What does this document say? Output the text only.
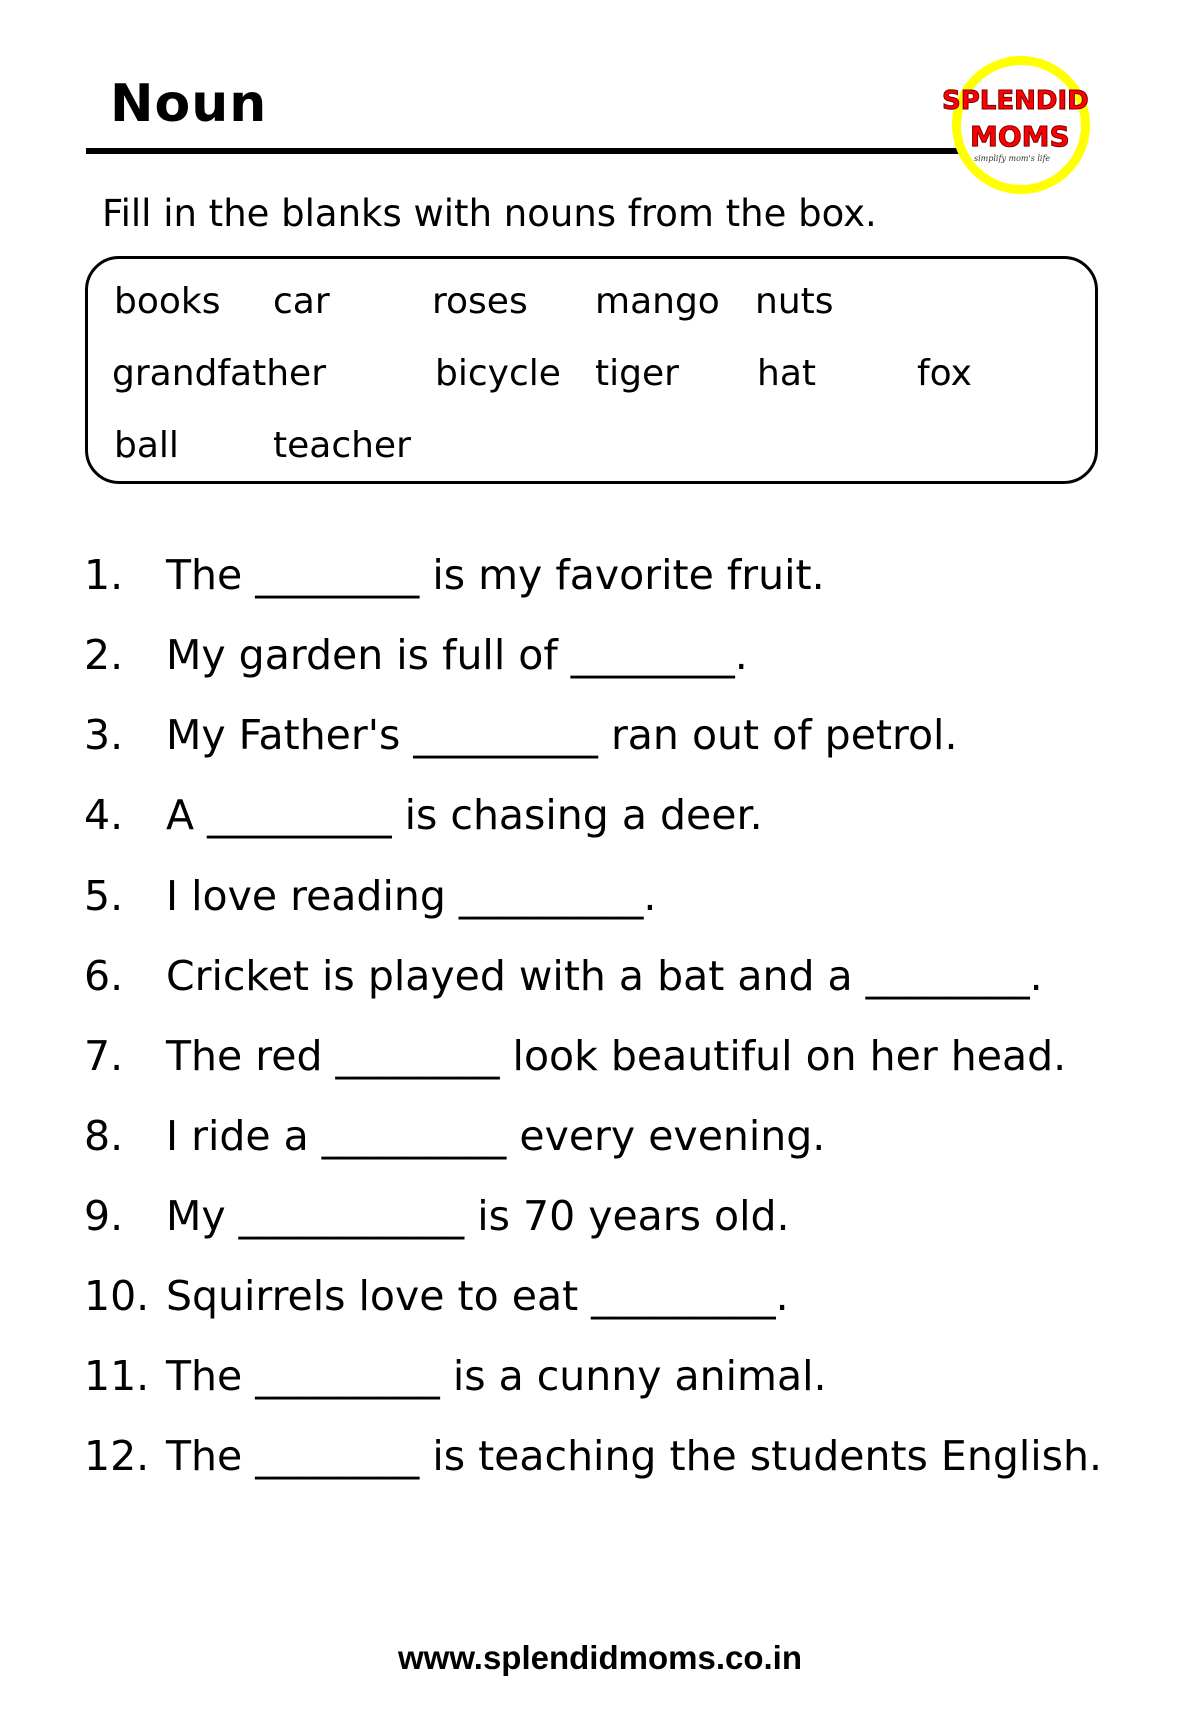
Noun	SPLENDID
MOMS
simplify mom's life

Fill in the blanks with nouns from the box.

books car	roses mango nuts
grandfather	bicycle tiger hat	fox
ball	teacher
1. The ________ is my favorite fruit.
2. My garden is full of ________.
3. My Father's _________ ran out of petrol.
4. A _________ is chasing a deer.
5. I love reading _________.
6. Cricket is played with a bat and a ________.
7. The red ________ look beautiful on her head.
8. I ride a _________ every evening.
9. My ___________ is 70 years old.
10. Squirrels love to eat _________.
11. The _________ is a cunny animal.
12. The ________ is teaching the students English.
www.splendidmoms.co.in
